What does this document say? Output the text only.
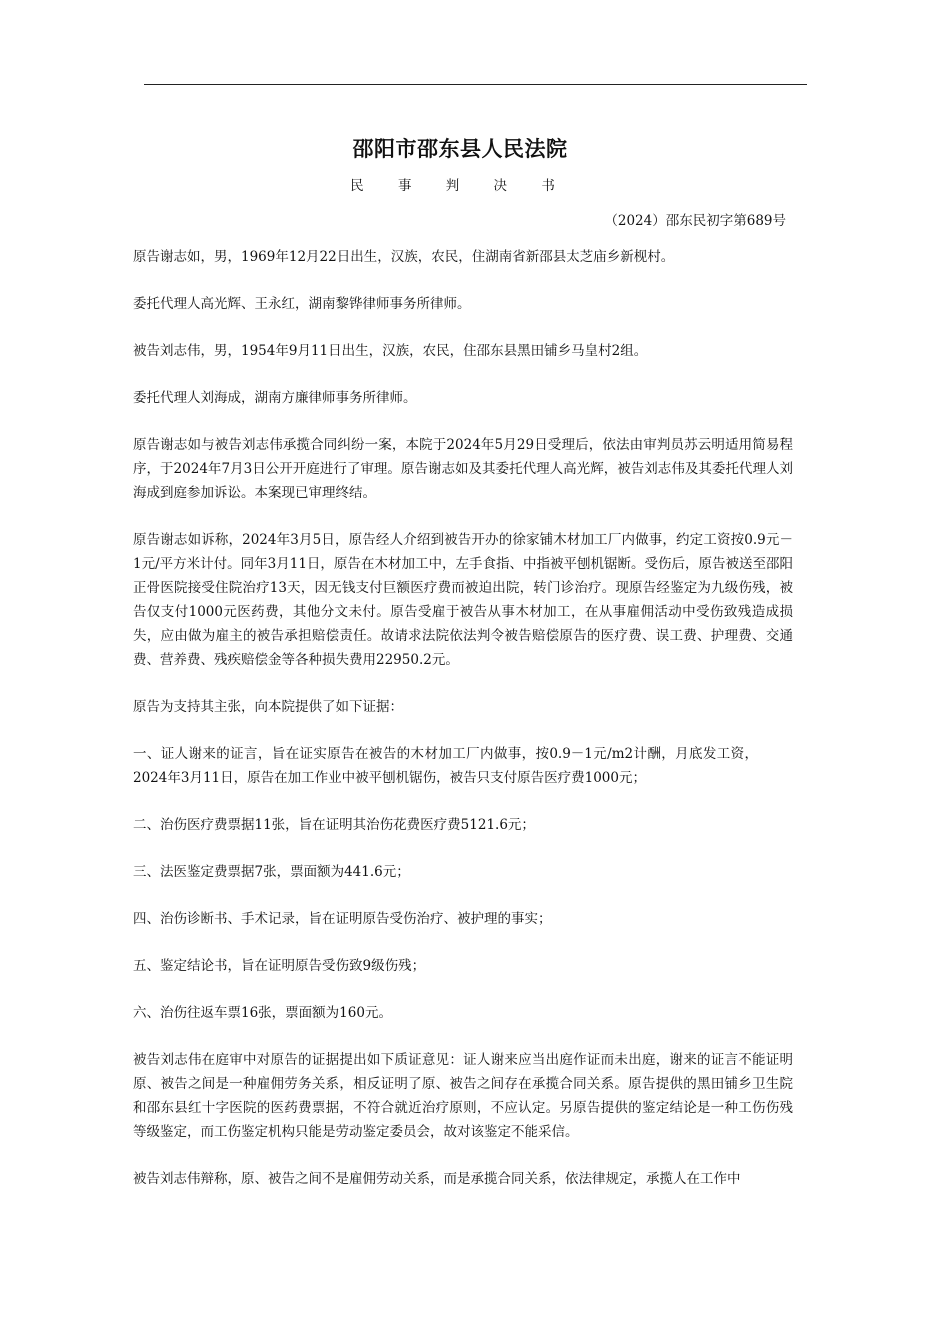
邵阳市邵东县人民法院
民 事 判 决 书
（2024）邵东民初字第689号

原告谢志如，男，1969年12月22日出生，汉族，农民，住湖南省新邵县太芝庙乡新枧村。

委托代理人高光辉、王永红，湖南黎铧律师事务所律师。

被告刘志伟，男，1954年9月11日出生，汉族，农民，住邵东县黑田铺乡马皇村2组。

委托代理人刘海成，湖南方廉律师事务所律师。

原告谢志如与被告刘志伟承揽合同纠纷一案，本院于2024年5月29日受理后，依法由审判员苏云明适用简易程序，于2024年7月3日公开开庭进行了审理。原告谢志如及其委托代理人高光辉，被告刘志伟及其委托代理人刘海成到庭参加诉讼。本案现已审理终结。

原告谢志如诉称，2024年3月5日，原告经人介绍到被告开办的徐家铺木材加工厂内做事，约定工资按0.9元－1元/平方米计付。同年3月11日，原告在木材加工中，左手食指、中指被平刨机锯断。受伤后，原告被送至邵阳正骨医院接受住院治疗13天，因无钱支付巨额医疗费而被迫出院，转门诊治疗。现原告经鉴定为九级伤残，被告仅支付1000元医药费，其他分文未付。原告受雇于被告从事木材加工，在从事雇佣活动中受伤致残造成损失，应由做为雇主的被告承担赔偿责任。故请求法院依法判令被告赔偿原告的医疗费、误工费、护理费、交通费、营养费、残疾赔偿金等各种损失费用22950.2元。

原告为支持其主张，向本院提供了如下证据：

一、证人谢来的证言，旨在证实原告在被告的木材加工厂内做事，按0.9－1元/m2计酬，月底发工资，2024年3月11日，原告在加工作业中被平刨机锯伤，被告只支付原告医疗费1000元；

二、治伤医疗费票据11张，旨在证明其治伤花费医疗费5121.6元；

三、法医鉴定费票据7张，票面额为441.6元；

四、治伤诊断书、手术记录，旨在证明原告受伤治疗、被护理的事实；

五、鉴定结论书，旨在证明原告受伤致9级伤残；

六、治伤往返车票16张，票面额为160元。

被告刘志伟在庭审中对原告的证据提出如下质证意见：证人谢来应当出庭作证而未出庭，谢来的证言不能证明原、被告之间是一种雇佣劳务关系，相反证明了原、被告之间存在承揽合同关系。原告提供的黑田铺乡卫生院和邵东县红十字医院的医药费票据，不符合就近治疗原则，不应认定。另原告提供的鉴定结论是一种工伤伤残等级鉴定，而工伤鉴定机构只能是劳动鉴定委员会，故对该鉴定不能采信。

被告刘志伟辩称，原、被告之间不是雇佣劳动关系，而是承揽合同关系，依法律规定，承揽人在工作中
